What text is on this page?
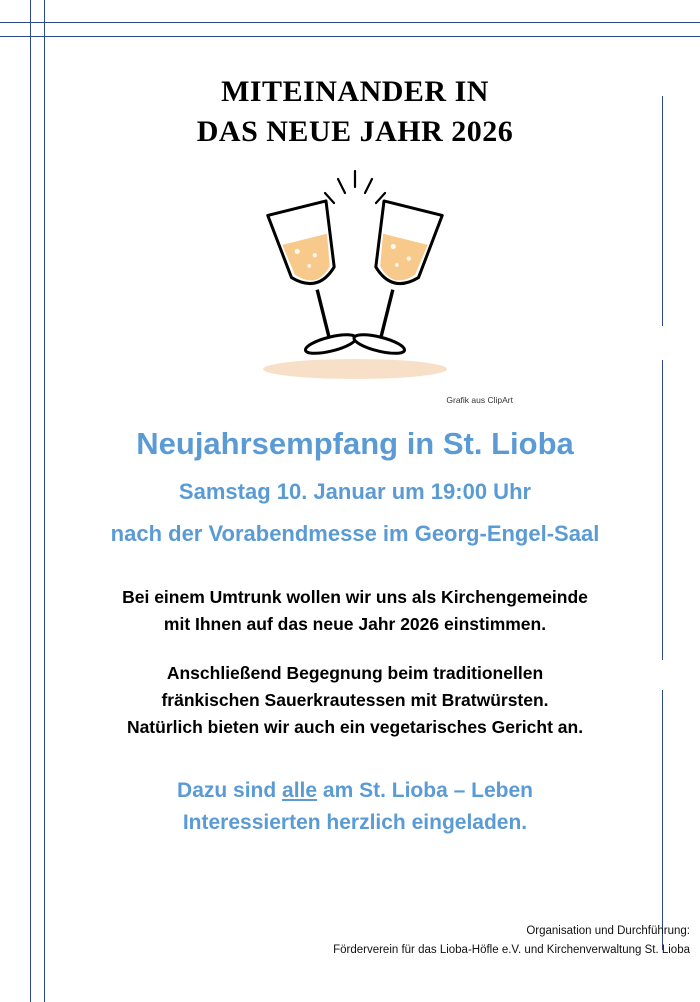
MITEINANDER IN
DAS NEUE JAHR 2026
Grafik aus ClipArt
Neujahrsempfang in St. Lioba
Samstag 10. Januar um 19:00 Uhr
nach der Vorabendmesse im Georg-Engel-Saal

Bei einem Umtrunk wollen wir uns als Kirchengemeinde
mit Ihnen auf das neue Jahr 2026 einstimmen.

Anschließend Begegnung beim traditionellen
fränkischen Sauerkrautessen mit Bratwürsten.
Natürlich bieten wir auch ein vegetarisches Gericht an.

Dazu sind alle am St. Lioba – Leben
Interessierten herzlich eingeladen.
Organisation und Durchführung:
Förderverein für das Lioba-Höfle e.V. und Kirchenverwaltung St. Lioba
